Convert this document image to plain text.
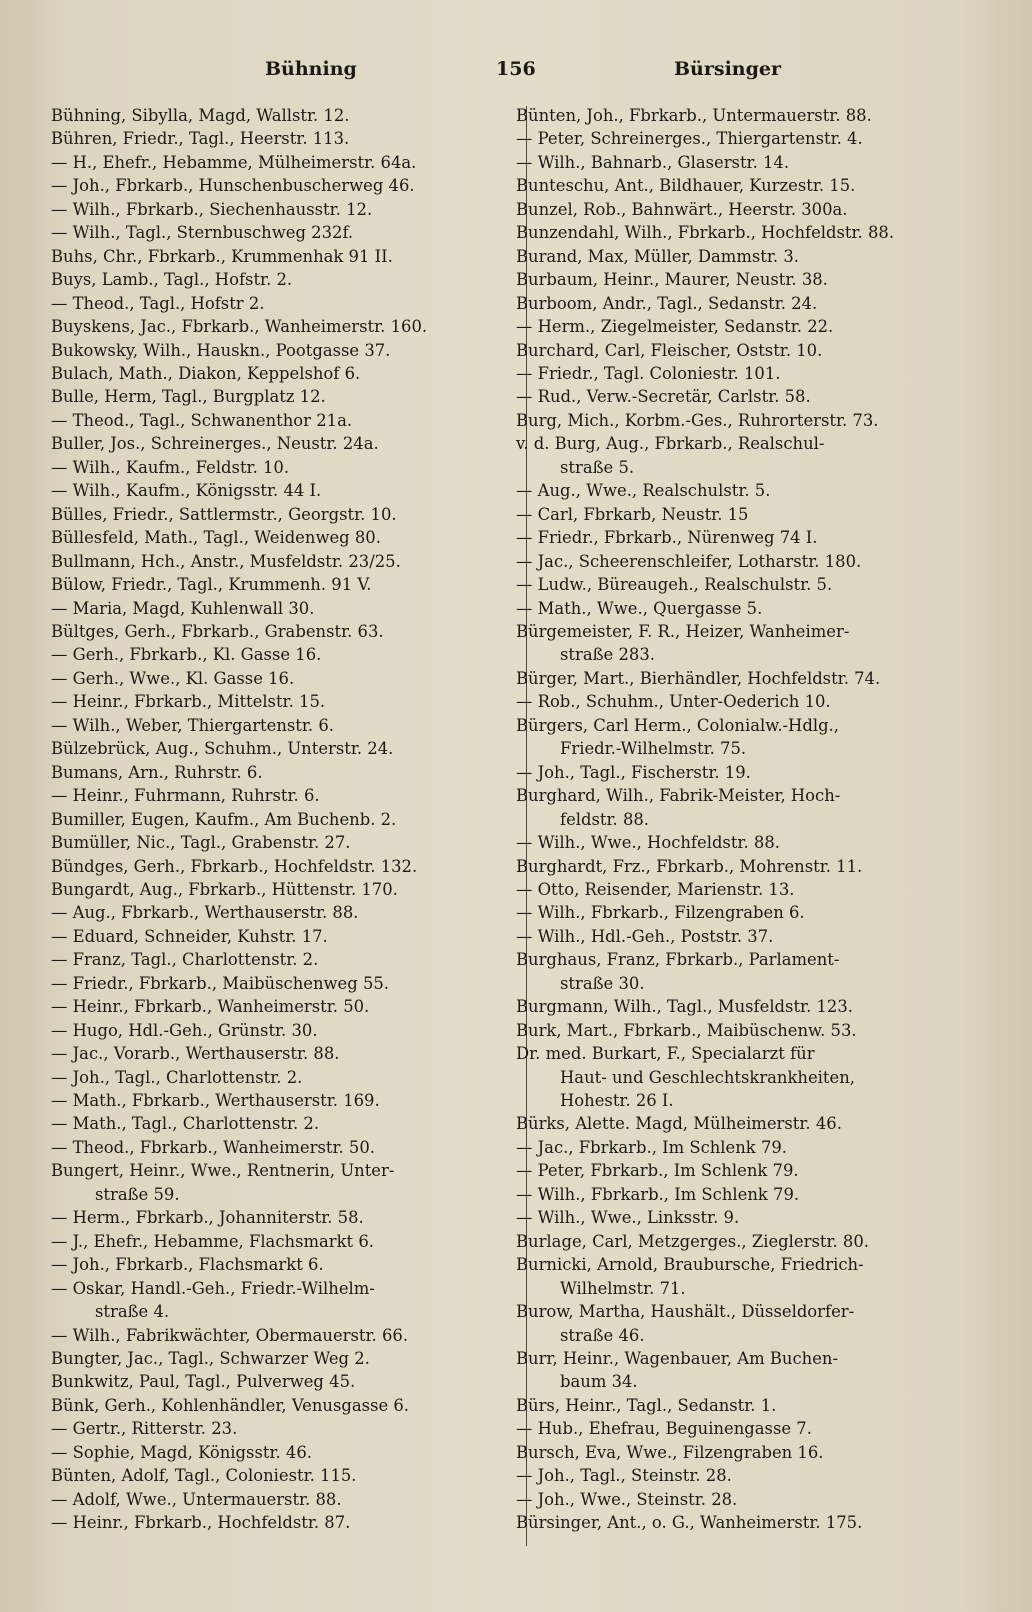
Bühning	156	Bürsinger
Bühning, Sibylla, Magd, Wallstr. 12.
Bühren, Friedr., Tagl., Heerstr. 113.
— H., Ehefr., Hebamme, Mülheimerstr. 64a.
— Joh., Fbrkarb., Hunschenbuscherweg 46.
— Wilh., Fbrkarb., Siechenhausstr. 12.
— Wilh., Tagl., Sternbuschweg 232f.
Buhs, Chr., Fbrkarb., Krummenhak 91 II.
Buys, Lamb., Tagl., Hofstr. 2.
— Theod., Tagl., Hofstr 2.
Buyskens, Jac., Fbrkarb., Wanheimerstr. 160.
Bukowsky, Wilh., Hauskn., Pootgasse 37.
Bulach, Math., Diakon, Keppelshof 6.
Bulle, Herm, Tagl., Burgplatz 12.
— Theod., Tagl., Schwanenthor 21a.
Buller, Jos., Schreinerges., Neustr. 24a.
— Wilh., Kaufm., Feldstr. 10.
— Wilh., Kaufm., Königsstr. 44 I.
Bülles, Friedr., Sattlermstr., Georgstr. 10.
Büllesfeld, Math., Tagl., Weidenweg 80.
Bullmann, Hch., Anstr., Musfeldstr. 23/25.
Bülow, Friedr., Tagl., Krummenh. 91 V.
— Maria, Magd, Kuhlenwall 30.
Bültges, Gerh., Fbrkarb., Grabenstr. 63.
— Gerh., Fbrkarb., Kl. Gasse 16.
— Gerh., Wwe., Kl. Gasse 16.
— Heinr., Fbrkarb., Mittelstr. 15.
— Wilh., Weber, Thiergartenstr. 6.
Bülzebrück, Aug., Schuhm., Unterstr. 24.
Bumans, Arn., Ruhrstr. 6.
— Heinr., Fuhrmann, Ruhrstr. 6.
Bumiller, Eugen, Kaufm., Am Buchenb. 2.
Bumüller, Nic., Tagl., Grabenstr. 27.
Bündges, Gerh., Fbrkarb., Hochfeldstr. 132.
Bungardt, Aug., Fbrkarb., Hüttenstr. 170.
— Aug., Fbrkarb., Werthauserstr. 88.
— Eduard, Schneider, Kuhstr. 17.
— Franz, Tagl., Charlottenstr. 2.
— Friedr., Fbrkarb., Maibüschenweg 55.
— Heinr., Fbrkarb., Wanheimerstr. 50.
— Hugo, Hdl.-Geh., Grünstr. 30.
— Jac., Vorarb., Werthauserstr. 88.
— Joh., Tagl., Charlottenstr. 2.
— Math., Fbrkarb., Werthauserstr. 169.
— Math., Tagl., Charlottenstr. 2.
— Theod., Fbrkarb., Wanheimerstr. 50.
Bungert, Heinr., Wwe., Rentnerin, Unter-
straße 59.
— Herm., Fbrkarb., Johanniterstr. 58.
— J., Ehefr., Hebamme, Flachsmarkt 6.
— Joh., Fbrkarb., Flachsmarkt 6.
— Oskar, Handl.-Geh., Friedr.-Wilhelm-
straße 4.
— Wilh., Fabrikwächter, Obermauerstr. 66.
Bungter, Jac., Tagl., Schwarzer Weg 2.
Bunkwitz, Paul, Tagl., Pulverweg 45.
Bünk, Gerh., Kohlenhändler, Venusgasse 6.
— Gertr., Ritterstr. 23.
— Sophie, Magd, Königsstr. 46.
Bünten, Adolf, Tagl., Coloniestr. 115.
— Adolf, Wwe., Untermauerstr. 88.
— Heinr., Fbrkarb., Hochfeldstr. 87.
Bünten, Joh., Fbrkarb., Untermauerstr. 88.
— Peter, Schreinerges., Thiergartenstr. 4.
— Wilh., Bahnarb., Glaserstr. 14.
Bunteschu, Ant., Bildhauer, Kurzestr. 15.
Bunzel, Rob., Bahnwärt., Heerstr. 300a.
Bunzendahl, Wilh., Fbrkarb., Hochfeldstr. 88.
Burand, Max, Müller, Dammstr. 3.
Burbaum, Heinr., Maurer, Neustr. 38.
Burboom, Andr., Tagl., Sedanstr. 24.
— Herm., Ziegelmeister, Sedanstr. 22.
Burchard, Carl, Fleischer, Oststr. 10.
— Friedr., Tagl. Coloniestr. 101.
— Rud., Verw.-Secretär, Carlstr. 58.
Burg, Mich., Korbm.-Ges., Ruhrorterstr. 73.
v. d. Burg, Aug., Fbrkarb., Realschul-
straße 5.
— Aug., Wwe., Realschulstr. 5.
— Carl, Fbrkarb, Neustr. 15
— Friedr., Fbrkarb., Nürenweg 74 I.
— Jac., Scheerenschleifer, Lotharstr. 180.
— Ludw., Büreaugeh., Realschulstr. 5.
— Math., Wwe., Quergasse 5.
Bürgemeister, F. R., Heizer, Wanheimer-
straße 283.
Bürger, Mart., Bierhändler, Hochfeldstr. 74.
— Rob., Schuhm., Unter-Oederich 10.
Bürgers, Carl Herm., Colonialw.-Hdlg.,
Friedr.-Wilhelmstr. 75.
— Joh., Tagl., Fischerstr. 19.
Burghard, Wilh., Fabrik-Meister, Hoch-
feldstr. 88.
— Wilh., Wwe., Hochfeldstr. 88.
Burghardt, Frz., Fbrkarb., Mohrenstr. 11.
— Otto, Reisender, Marienstr. 13.
— Wilh., Fbrkarb., Filzengraben 6.
— Wilh., Hdl.-Geh., Poststr. 37.
Burghaus, Franz, Fbrkarb., Parlament-
straße 30.
Burgmann, Wilh., Tagl., Musfeldstr. 123.
Burk, Mart., Fbrkarb., Maibüschenw. 53.
Dr. med. Burkart, F., Specialarzt für
Haut- und Geschlechtskrankheiten,
Hohestr. 26 I.
Bürks, Alette. Magd, Mülheimerstr. 46.
— Jac., Fbrkarb., Im Schlenk 79.
— Peter, Fbrkarb., Im Schlenk 79.
— Wilh., Fbrkarb., Im Schlenk 79.
— Wilh., Wwe., Linksstr. 9.
Burlage, Carl, Metzgerges., Zieglerstr. 80.
Burnicki, Arnold, Braubursche, Friedrich-
Wilhelmstr. 71.
Burow, Martha, Haushält., Düsseldorfer-
straße 46.
Burr, Heinr., Wagenbauer, Am Buchen-
baum 34.
Bürs, Heinr., Tagl., Sedanstr. 1.
— Hub., Ehefrau, Beguinengasse 7.
Bursch, Eva, Wwe., Filzengraben 16.
— Joh., Tagl., Steinstr. 28.
— Joh., Wwe., Steinstr. 28.
Bürsinger, Ant., o. G., Wanheimerstr. 175.
